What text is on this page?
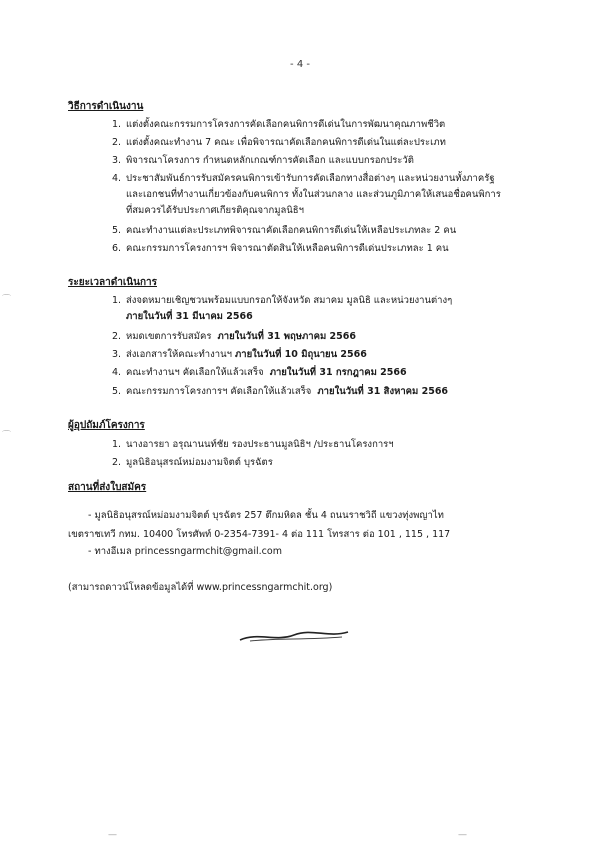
- 4 -
วิธีการดำเนินงาน
1. แต่งตั้งคณะกรรมการโครงการคัดเลือกคนพิการดีเด่นในการพัฒนาคุณภาพชีวิต
2. แต่งตั้งคณะทำงาน 7 คณะ เพื่อพิจารณาคัดเลือกคนพิการดีเด่นในแต่ละประเภท
3. พิจารณาโครงการ กำหนดหลักเกณฑ์การคัดเลือก และแบบกรอกประวัติ
4. ประชาสัมพันธ์การรับสมัครคนพิการเข้ารับการคัดเลือกทางสื่อต่างๆ และหน่วยงานทั้งภาครัฐ
และเอกชนที่ทำงานเกี่ยวข้องกับคนพิการ ทั้งในส่วนกลาง และส่วนภูมิภาคให้เสนอชื่อคนพิการ
ที่สมควรได้รับประกาศเกียรติคุณจากมูลนิธิฯ
5. คณะทำงานแต่ละประเภทพิจารณาคัดเลือกคนพิการดีเด่นให้เหลือประเภทละ 2 คน
6. คณะกรรมการโครงการฯ พิจารณาตัดสินให้เหลือคนพิการดีเด่นประเภทละ 1 คน
ระยะเวลาดำเนินการ
1. ส่งจดหมายเชิญชวนพร้อมแบบกรอกให้จังหวัด สมาคม มูลนิธิ และหน่วยงานต่างๆ
ภายในวันที่ 31 มีนาคม 2566
2. หมดเขตการรับสมัคร ภายในวันที่ 31 พฤษภาคม 2566
3. ส่งเอกสารให้คณะทำงานฯ ภายในวันที่ 10 มิถุนายน 2566
4. คณะทำงานฯ คัดเลือกให้แล้วเสร็จ ภายในวันที่ 31 กรกฎาคม 2566
5. คณะกรรมการโครงการฯ คัดเลือกให้แล้วเสร็จ ภายในวันที่ 31 สิงหาคม 2566
ผู้อุปถัมภ์โครงการ
1. นางอารยา อรุณานนท์ชัย รองประธานมูลนิธิฯ /ประธานโครงการฯ
2. มูลนิธิอนุสรณ์หม่อมงามจิตต์ บุรฉัตร
สถานที่ส่งใบสมัคร
- มูลนิธิอนุสรณ์หม่อมงามจิตต์ บุรฉัตร 257 ตึกมหิดล ชั้น 4 ถนนราชวิถี แขวงทุ่งพญาไท
เขตราชเทวี กทม. 10400 โทรศัพท์ 0-2354-7391- 4 ต่อ 111 โทรสาร ต่อ 101 , 115 , 117
- ทางอีเมล princessngarmchit@gmail.com
(สามารถดาวน์โหลดข้อมูลได้ที่ www.princessngarmchit.org)
⌒
⌒
—	—
